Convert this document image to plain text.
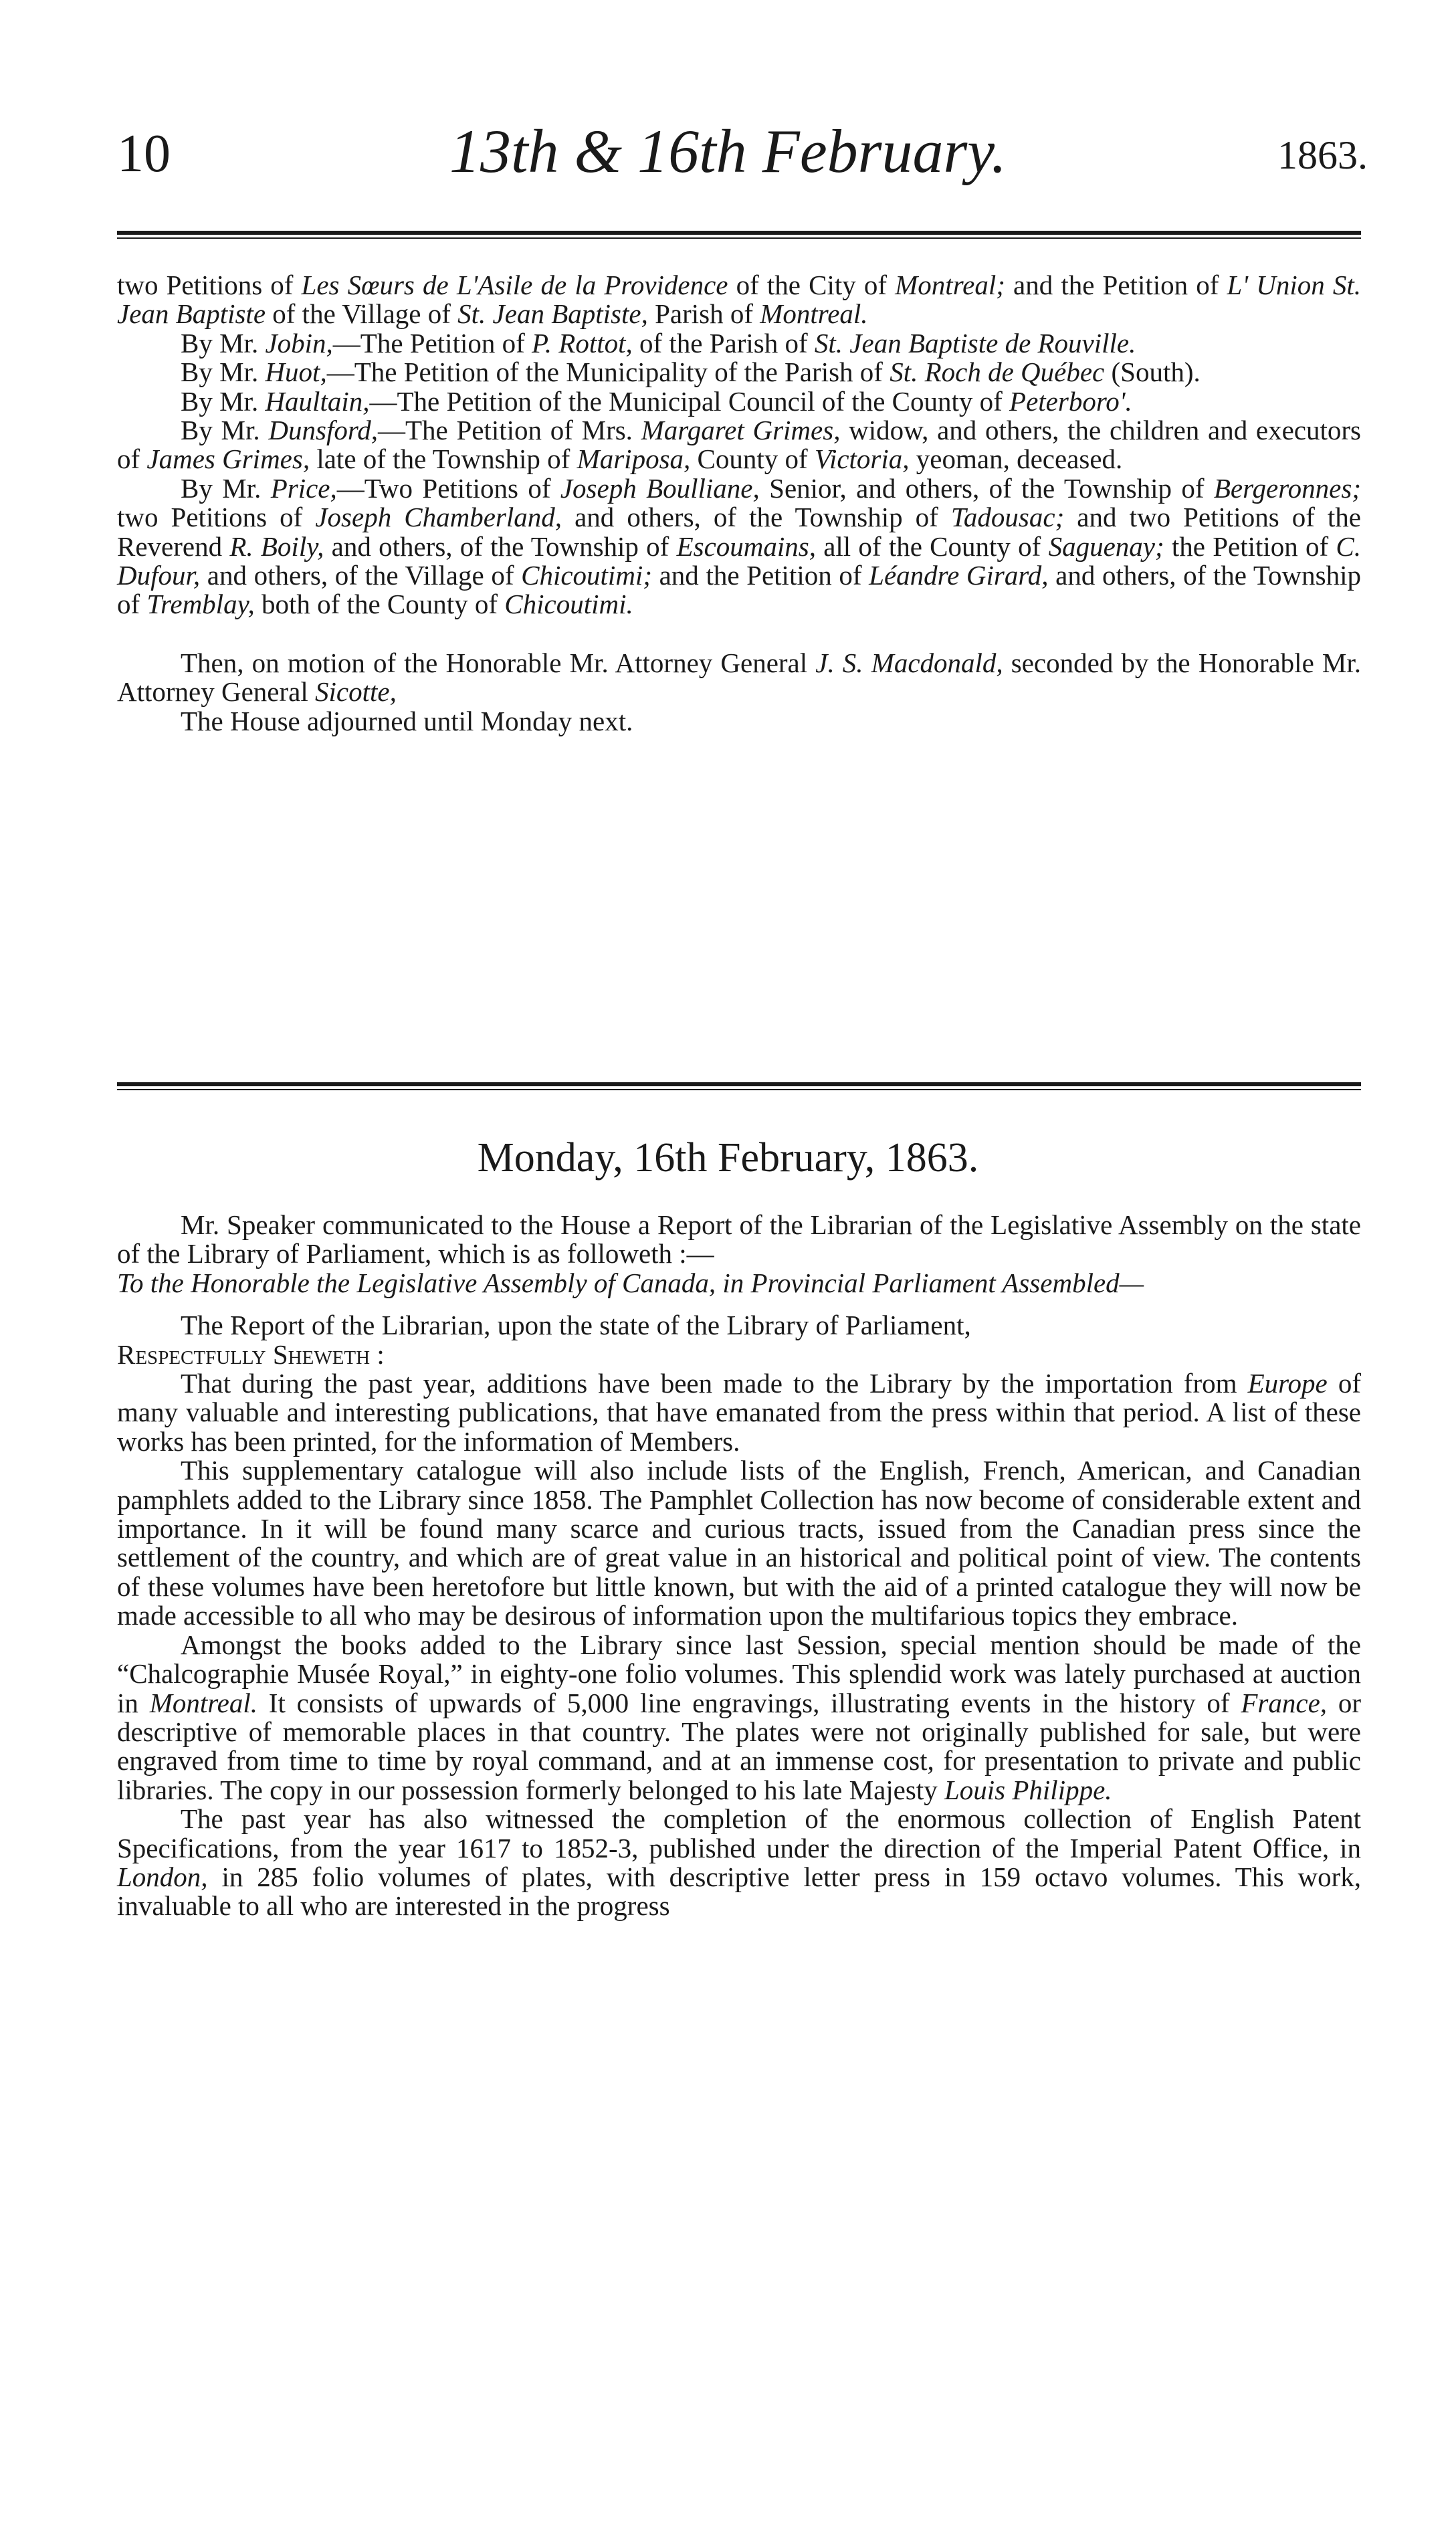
10	13th & 16th February.	1863.

two Petitions of Les Sœurs de L'Asile de la Providence of the City of Montreal; and the Petition of L' Union St. Jean Baptiste of the Village of St. Jean Baptiste, Parish of Montreal.

By Mr. Jobin,—The Petition of P. Rottot, of the Parish of St. Jean Baptiste de Rouville.

By Mr. Huot,—The Petition of the Municipality of the Parish of St. Roch de Québec (South).

By Mr. Haultain,—The Petition of the Municipal Council of the County of Peterboro'.

By Mr. Dunsford,—The Petition of Mrs. Margaret Grimes, widow, and others, the children and executors of James Grimes, late of the Township of Mariposa, County of Victoria, yeoman, deceased.

By Mr. Price,—Two Petitions of Joseph Boulliane, Senior, and others, of the Township of Bergeronnes; two Petitions of Joseph Chamberland, and others, of the Township of Tadousac; and two Petitions of the Reverend R. Boily, and others, of the Township of Escoumains, all of the County of Saguenay; the Petition of C. Dufour, and others, of the Village of Chicoutimi; and the Petition of Léandre Girard, and others, of the Township of Tremblay, both of the County of Chicoutimi.

Then, on motion of the Honorable Mr. Attorney General J. S. Macdonald, seconded by the Honorable Mr. Attorney General Sicotte,

The House adjourned until Monday next.

Monday, 16th February, 1863.

Mr. Speaker communicated to the House a Report of the Librarian of the Legislative Assembly on the state of the Library of Parliament, which is as followeth :—

To the Honorable the Legislative Assembly of Canada, in Provincial Parliament Assembled—

The Report of the Librarian, upon the state of the Library of Parliament,

Respectfully Sheweth :

That during the past year, additions have been made to the Library by the importation from Europe of many valuable and interesting publications, that have emanated from the press within that period. A list of these works has been printed, for the information of Members.

This supplementary catalogue will also include lists of the English, French, American, and Canadian pamphlets added to the Library since 1858. The Pamphlet Collection has now become of considerable extent and importance. In it will be found many scarce and curious tracts, issued from the Canadian press since the settlement of the country, and which are of great value in an historical and political point of view. The contents of these volumes have been heretofore but little known, but with the aid of a printed catalogue they will now be made accessible to all who may be desirous of information upon the multifarious topics they embrace.

Amongst the books added to the Library since last Session, special mention should be made of the “Chalcographie Musée Royal,” in eighty-one folio volumes. This splendid work was lately purchased at auction in Montreal. It consists of upwards of 5,000 line engravings, illustrating events in the history of France, or descriptive of memorable places in that country. The plates were not originally published for sale, but were engraved from time to time by royal command, and at an immense cost, for presentation to private and public libraries. The copy in our possession formerly belonged to his late Majesty Louis Philippe.

The past year has also witnessed the completion of the enormous collection of English Patent Specifications, from the year 1617 to 1852-3, published under the direction of the Imperial Patent Office, in London, in 285 folio volumes of plates, with descriptive letter press in 159 octavo volumes. This work, invaluable to all who are interested in the progress
